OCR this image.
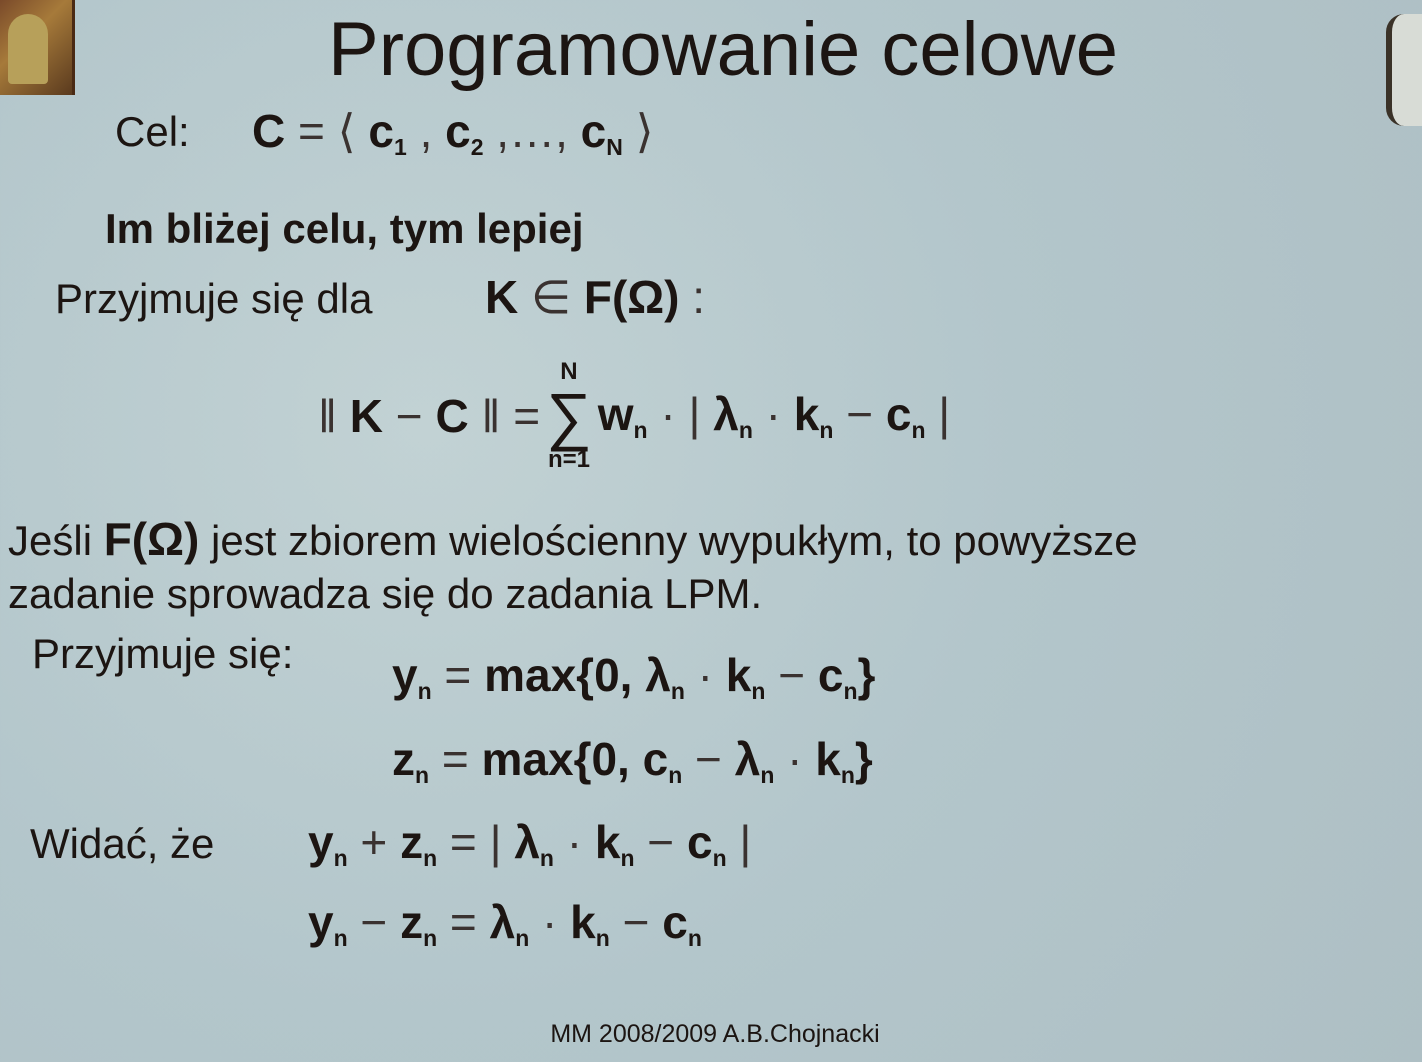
Programowanie celowe
Cel: C = ⟨ $c_1$ , $c_2$ ,…, $c_N$ ⟩
Im bliżej celu, tym lepiej
Przyjmuje się dla K ∈ F(Ω) :
‖ K − C ‖ =
N
∑
n=1
$w_n$ · | $\lambda_n \cdot k_n - c_n$ |
Jeśli F(Ω) jest zbiorem wielościenny wypukłym, to powyższe
zadanie sprowadza się do zadania LPM.
Przyjmuje się: $y_n = \max\{0$, $\lambda_n \cdot k_n - c_n$}
$z_n = \max\{0$, $c_n - \lambda_n \cdot k_n$}
Widać, że $y_n + z_n$ = | $\lambda_n \cdot k_n - c_n$ |
$y_n - z_n = \lambda_n \cdot k_n - c_n$
MM 2008/2009 A.B.Chojnacki
